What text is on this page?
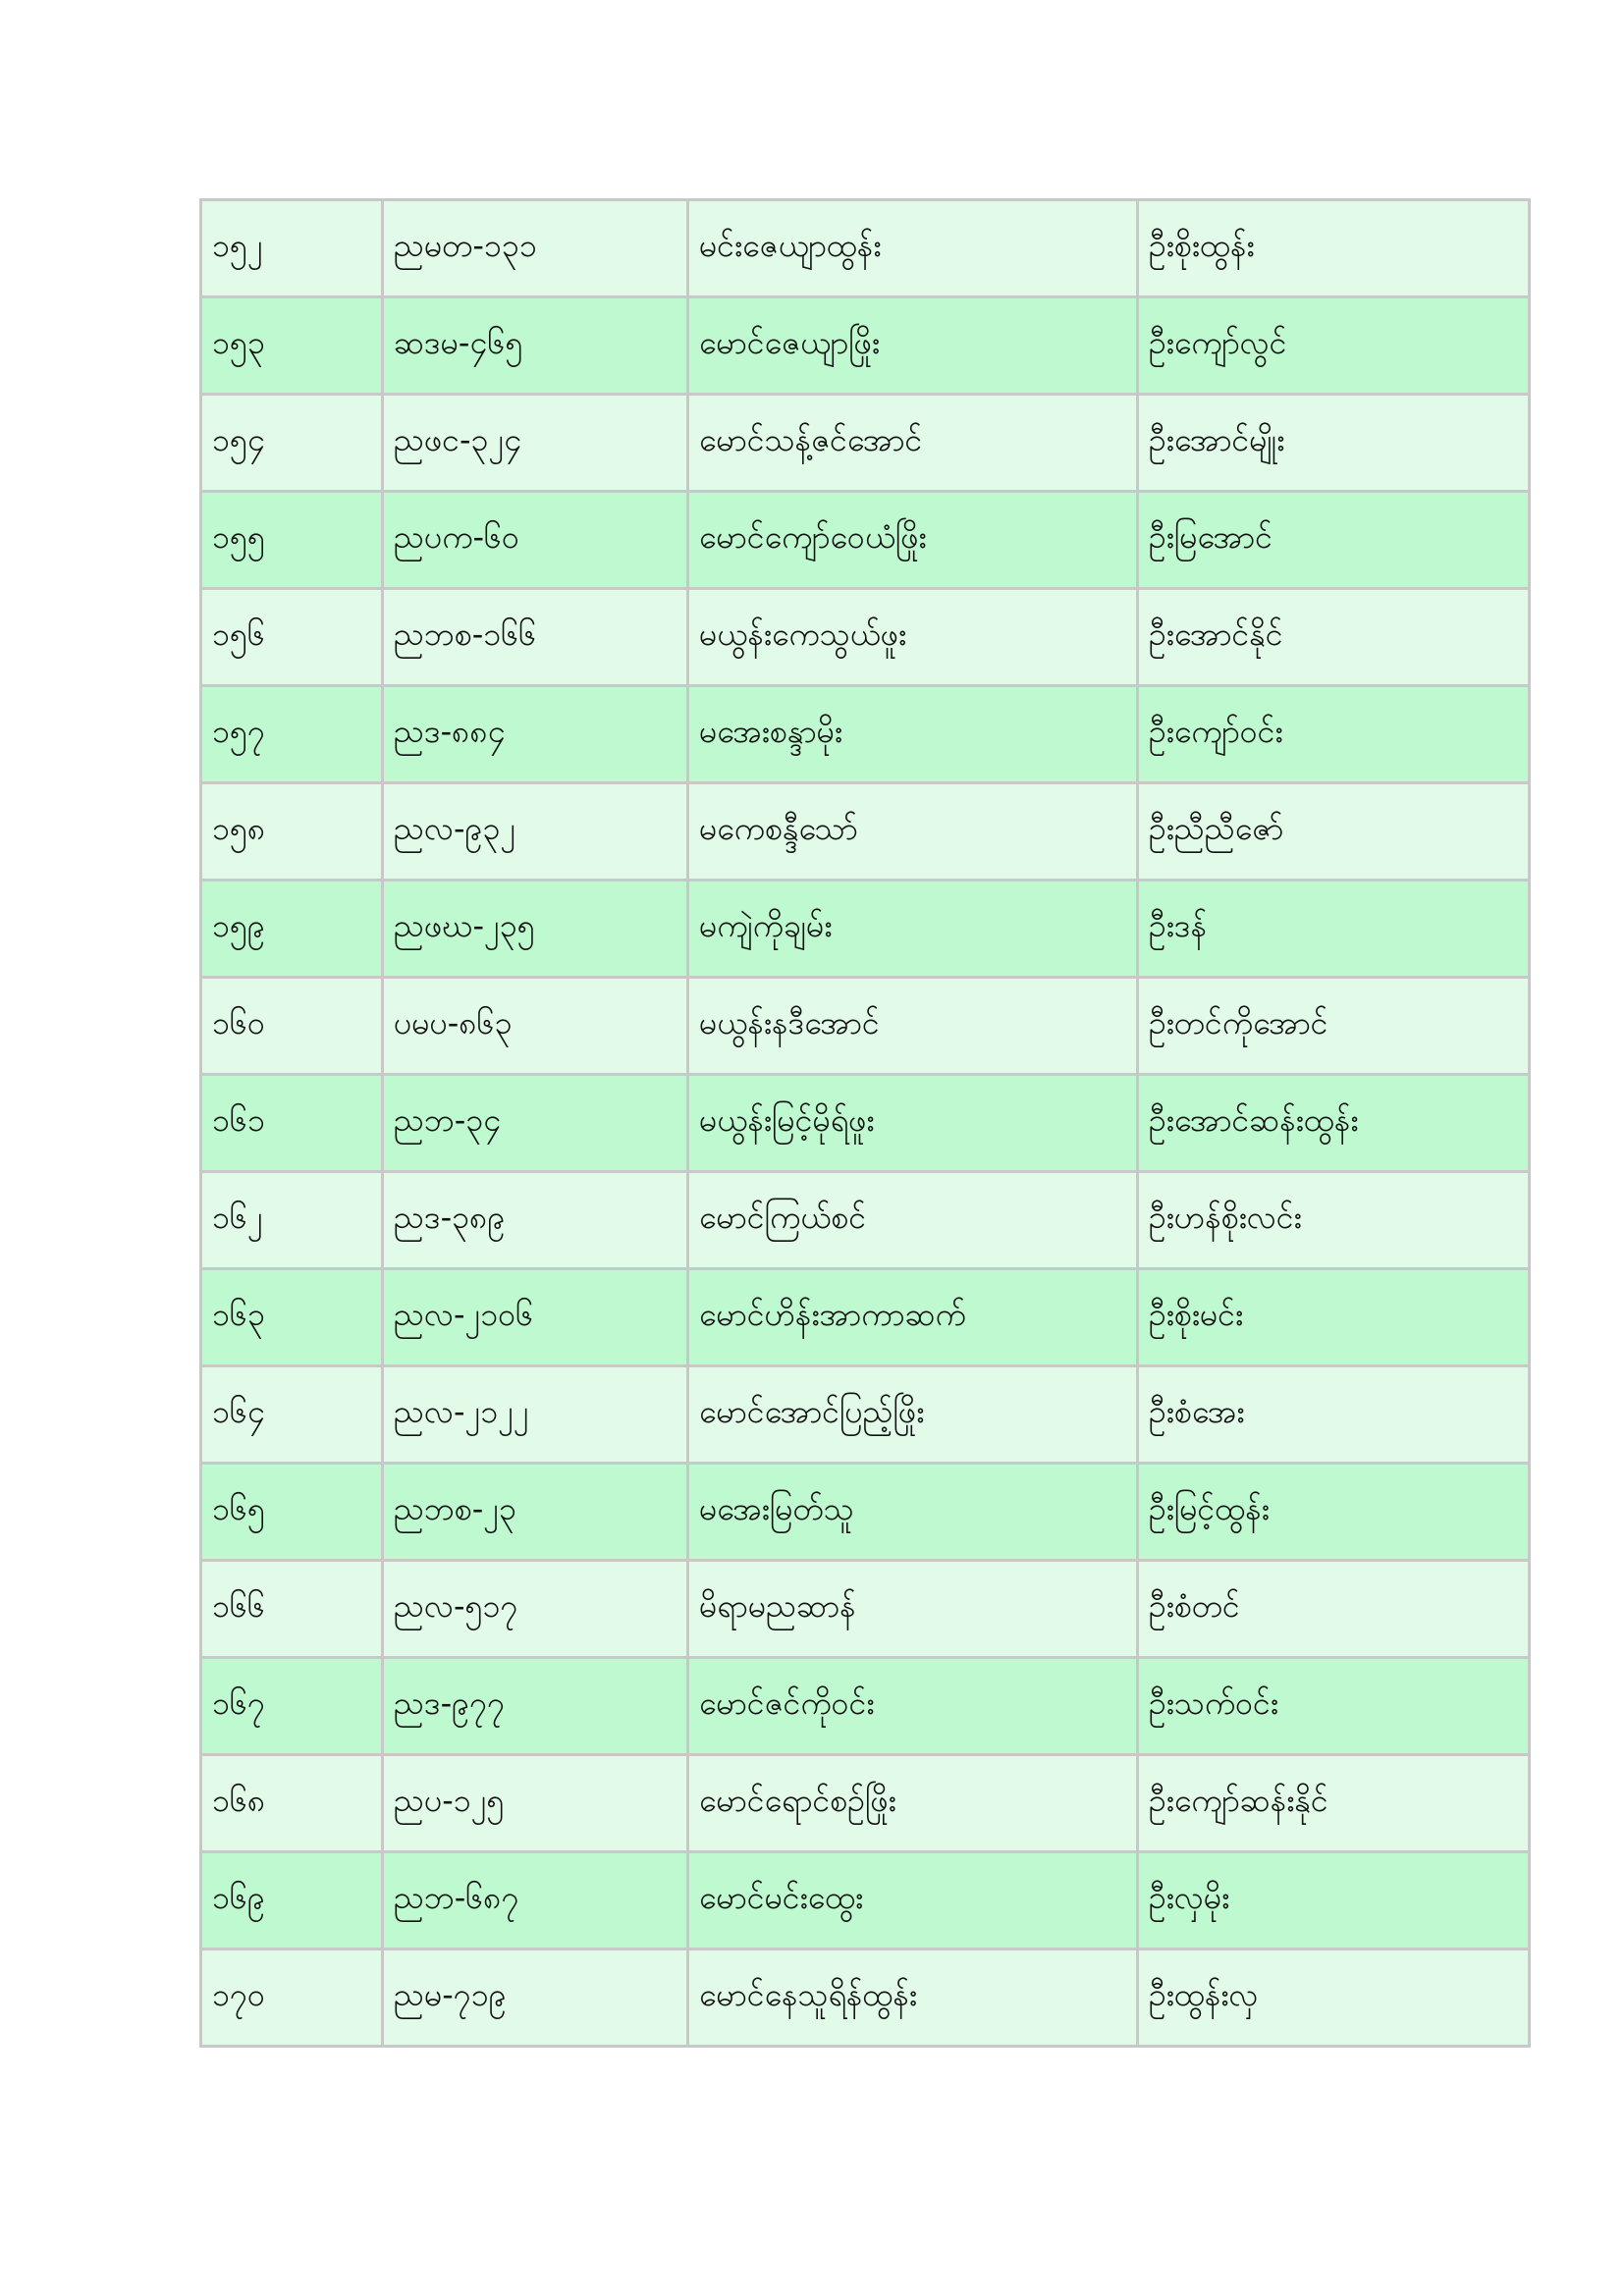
၁၅၂	ညမတ-၁၃၁	မင်းဇေယျာထွန်း	ဦးစိုးထွန်း
၁၅၃	ဆဒမ-၄၆၅	မောင်ဇေယျာဖြိုး	ဦးကျော်လွင်
၁၅၄	ညဖင-၃၂၄	မောင်သန့်ဇင်အောင်	ဦးအောင်မျိုး
၁၅၅	ညပက-၆၀	မောင်ကျော်ဝေယံဖြိုး	ဦးမြအောင်
၁၅၆	ညဘစ-၁၆၆	မယွန်းကေသွယ်ဖူး	ဦးအောင်နိုင်
၁၅၇	ညဒ-၈၈၄	မအေးစန္ဒာမိုး	ဦးကျော်ဝင်း
၁၅၈	ညလ-၉၃၂	မကေစန္ဒီသော်	ဦးညီညီဇော်
၁၅၉	ညဖဃ-၂၃၅	မကျဲကိုချမ်း	ဦးဒန်
၁၆၀	ပမပ-၈၆၃	မယွန်းနဒီအောင်	ဦးတင်ကိုအောင်
၁၆၁	ညဘ-၃၄	မယွန်းမြင့်မိုရ်ဖူး	ဦးအောင်ဆန်းထွန်း
၁၆၂	ညဒ-၃၈၉	မောင်ကြယ်စင်	ဦးဟန်စိုးလင်း
၁၆၃	ညလ-၂၁၀၆	မောင်ဟိန်းအာကာဆက်	ဦးစိုးမင်း
၁၆၄	ညလ-၂၁၂၂	မောင်အောင်ပြည့်ဖြိုး	ဦးစံအေး
၁၆၅	ညဘစ-၂၃	မအေးမြတ်သူ	ဦးမြင့်ထွန်း
၁၆၆	ညလ-၅၁၇	မိရာမညဆာန်	ဦးစံတင်
၁၆၇	ညဒ-၉၇၇	မောင်ဇင်ကိုဝင်း	ဦးသက်ဝင်း
၁၆၈	ညပ-၁၂၅	မောင်ရောင်စဉ်ဖြိုး	ဦးကျော်ဆန်းနိုင်
၁၆၉	ညဘ-၆၈၇	မောင်မင်းထွေး	ဦးလှမိုး
၁၇၀	ညမ-၇၁၉	မောင်နေသူရိန်ထွန်း	ဦးထွန်းလှ
